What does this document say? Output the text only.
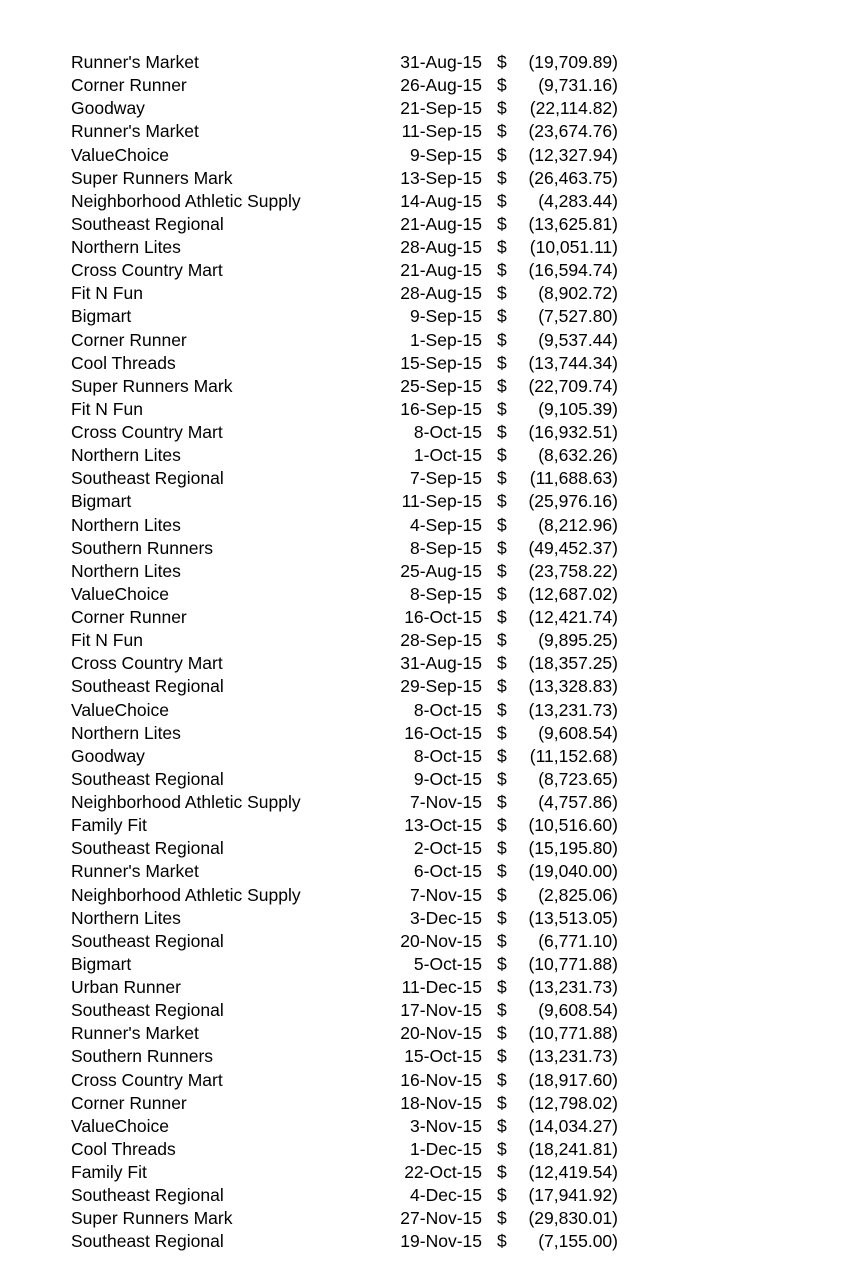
Runner's Market	31-Aug-15 $ (19,709.89)
Corner Runner	26-Aug-15 $ (9,731.16)
Goodway	21-Sep-15 $ (22,114.82)
Runner's Market	11-Sep-15 $ (23,674.76)
ValueChoice	9-Sep-15 $ (12,327.94)
Super Runners Mark	13-Sep-15 $ (26,463.75)
Neighborhood Athletic Supply	14-Aug-15 $ (4,283.44)
Southeast Regional	21-Aug-15 $ (13,625.81)
Northern Lites	28-Aug-15 $ (10,051.11)
Cross Country Mart	21-Aug-15 $ (16,594.74)
Fit N Fun	28-Aug-15 $ (8,902.72)
Bigmart	9-Sep-15 $ (7,527.80)
Corner Runner	1-Sep-15 $ (9,537.44)
Cool Threads	15-Sep-15 $ (13,744.34)
Super Runners Mark	25-Sep-15 $ (22,709.74)
Fit N Fun	16-Sep-15 $ (9,105.39)
Cross Country Mart	8-Oct-15 $ (16,932.51)
Northern Lites	1-Oct-15 $ (8,632.26)
Southeast Regional	7-Sep-15 $ (11,688.63)
Bigmart	11-Sep-15 $ (25,976.16)
Northern Lites	4-Sep-15 $ (8,212.96)
Southern Runners	8-Sep-15 $ (49,452.37)
Northern Lites	25-Aug-15 $ (23,758.22)
ValueChoice	8-Sep-15 $ (12,687.02)
Corner Runner	16-Oct-15 $ (12,421.74)
Fit N Fun	28-Sep-15 $ (9,895.25)
Cross Country Mart	31-Aug-15 $ (18,357.25)
Southeast Regional	29-Sep-15 $ (13,328.83)
ValueChoice	8-Oct-15 $ (13,231.73)
Northern Lites	16-Oct-15 $ (9,608.54)
Goodway	8-Oct-15 $ (11,152.68)
Southeast Regional	9-Oct-15 $ (8,723.65)
Neighborhood Athletic Supply	7-Nov-15 $ (4,757.86)
Family Fit	13-Oct-15 $ (10,516.60)
Southeast Regional	2-Oct-15 $ (15,195.80)
Runner's Market	6-Oct-15 $ (19,040.00)
Neighborhood Athletic Supply	7-Nov-15 $ (2,825.06)
Northern Lites	3-Dec-15 $ (13,513.05)
Southeast Regional	20-Nov-15 $ (6,771.10)
Bigmart	5-Oct-15 $ (10,771.88)
Urban Runner	11-Dec-15 $ (13,231.73)
Southeast Regional	17-Nov-15 $ (9,608.54)
Runner's Market	20-Nov-15 $ (10,771.88)
Southern Runners	15-Oct-15 $ (13,231.73)
Cross Country Mart	16-Nov-15 $ (18,917.60)
Corner Runner	18-Nov-15 $ (12,798.02)
ValueChoice	3-Nov-15 $ (14,034.27)
Cool Threads	1-Dec-15 $ (18,241.81)
Family Fit	22-Oct-15 $ (12,419.54)
Southeast Regional	4-Dec-15 $ (17,941.92)
Super Runners Mark	27-Nov-15 $ (29,830.01)
Southeast Regional	19-Nov-15 $ (7,155.00)
